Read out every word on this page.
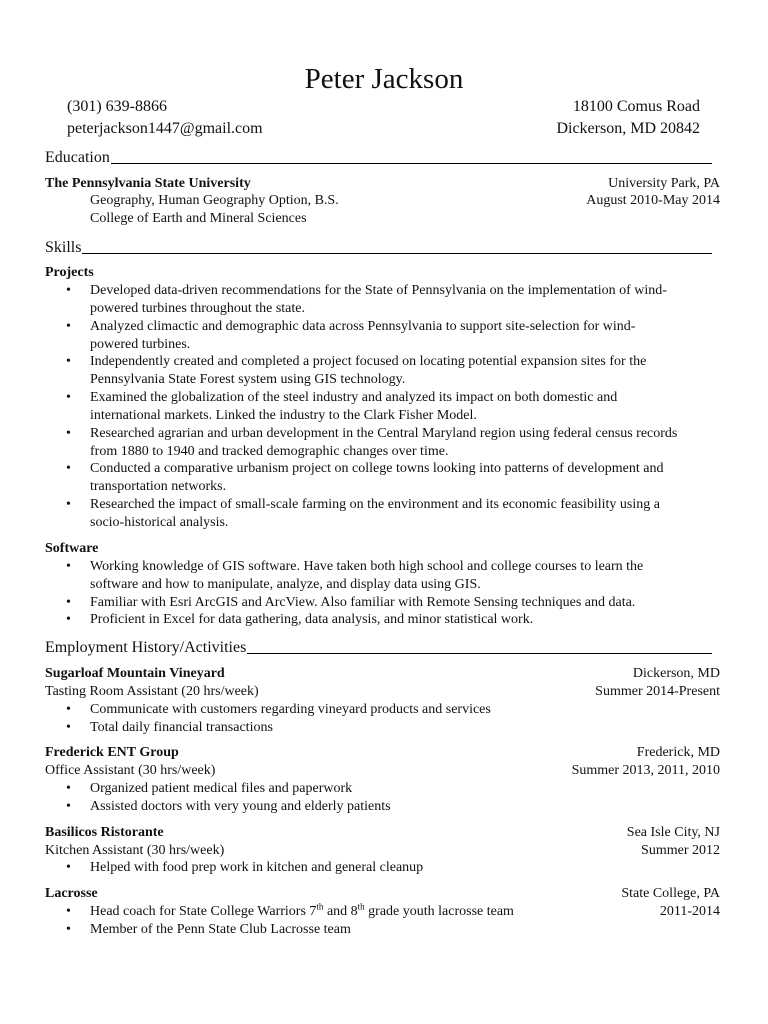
Peter Jackson
(301) 639-8866
peterjackson1447@gmail.com
18100 Comus Road
Dickerson, MD 20842
Education
The Pennsylvania State University	University Park, PA
Geography, Human Geography Option, B.S.	August 2010-May 2014
College of Earth and Mineral Sciences
Skills
Projects
• Developed data-driven recommendations for the State of Pennsylvania on the implementation of wind-
powered turbines throughout the state.
• Analyzed climactic and demographic data across Pennsylvania to support site-selection for wind-
powered turbines.
• Independently created and completed a project focused on locating potential expansion sites for the
Pennsylvania State Forest system using GIS technology.
• Examined the globalization of the steel industry and analyzed its impact on both domestic and
international markets. Linked the industry to the Clark Fisher Model.
• Researched agrarian and urban development in the Central Maryland region using federal census records
from 1880 to 1940 and tracked demographic changes over time.
• Conducted a comparative urbanism project on college towns looking into patterns of development and
transportation networks.
• Researched the impact of small-scale farming on the environment and its economic feasibility using a
socio-historical analysis.
Software
• Working knowledge of GIS software. Have taken both high school and college courses to learn the
software and how to manipulate, analyze, and display data using GIS.
• Familiar with Esri ArcGIS and ArcView. Also familiar with Remote Sensing techniques and data.
• Proficient in Excel for data gathering, data analysis, and minor statistical work.
Employment History/Activities
Sugarloaf Mountain Vineyard	Dickerson, MD
Tasting Room Assistant (20 hrs/week)	Summer 2014-Present
• Communicate with customers regarding vineyard products and services
• Total daily financial transactions
Frederick ENT Group	Frederick, MD
Office Assistant (30 hrs/week)	Summer 2013, 2011, 2010
• Organized patient medical files and paperwork
• Assisted doctors with very young and elderly patients
Basilicos Ristorante	Sea Isle City, NJ
Kitchen Assistant (30 hrs/week)	Summer 2012
• Helped with food prep work in kitchen and general cleanup
Lacrosse	State College, PA
• Head coach for State College Warriors 7th and 8th grade youth lacrosse team	2011-2014
• Member of the Penn State Club Lacrosse team
